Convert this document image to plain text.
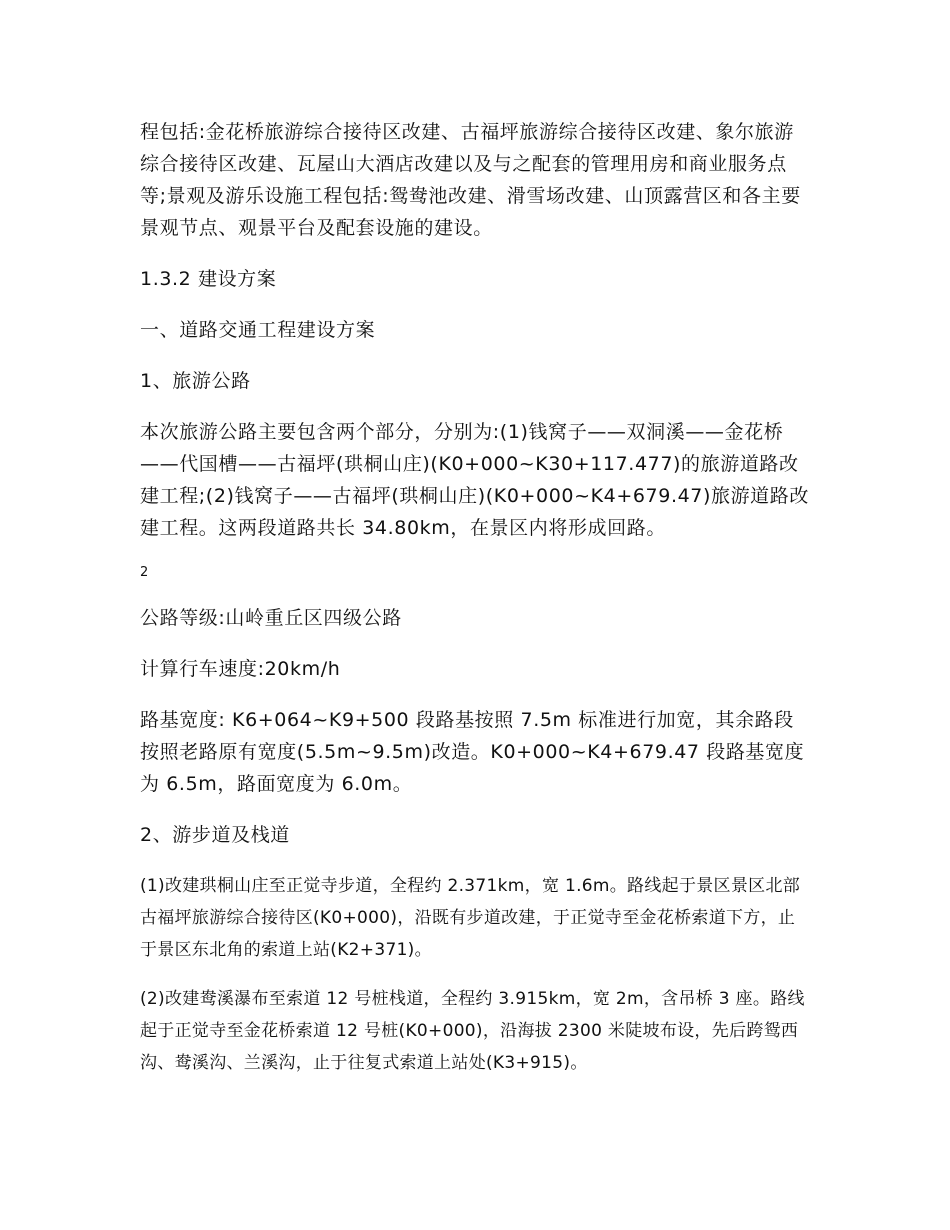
程包括:金花桥旅游综合接待区改建、古福坪旅游综合接待区改建、象尔旅游综合接待区改建、瓦屋山大酒店改建以及与之配套的管理用房和商业服务点等;景观及游乐设施工程包括:鸳鸯池改建、滑雪场改建、山顶露营区和各主要景观节点、观景平台及配套设施的建设。

1.3.2 建设方案

一、道路交通工程建设方案

1、旅游公路

本次旅游公路主要包含两个部分，分别为:(1)钱窝子——双洞溪——金花桥——代国槽——古福坪(珙桐山庄)(K0+000~K30+117.477)的旅游道路改建工程;(2)钱窝子——古福坪(珙桐山庄)(K0+000~K4+679.47)旅游道路改建工程。这两段道路共长 34.80km，在景区内将形成回路。

2

公路等级:山岭重丘区四级公路

计算行车速度:20km/h

路基宽度: K6+064~K9+500 段路基按照 7.5m 标准进行加宽，其余路段按照老路原有宽度(5.5m~9.5m)改造。K0+000~K4+679.47 段路基宽度为 6.5m，路面宽度为 6.0m。

2、游步道及栈道

(1)改建珙桐山庄至正觉寺步道，全程约 2.371km，宽 1.6m。路线起于景区景区北部古福坪旅游综合接待区(K0+000)，沿既有步道改建，于正觉寺至金花桥索道下方，止于景区东北角的索道上站(K2+371)。

(2)改建鸯溪瀑布至索道 12 号桩栈道，全程约 3.915km，宽 2m，含吊桥 3 座。路线起于正觉寺至金花桥索道 12 号桩(K0+000)，沿海拔 2300 米陡坡布设，先后跨鸳西沟、鸯溪沟、兰溪沟，止于往复式索道上站处(K3+915)。
